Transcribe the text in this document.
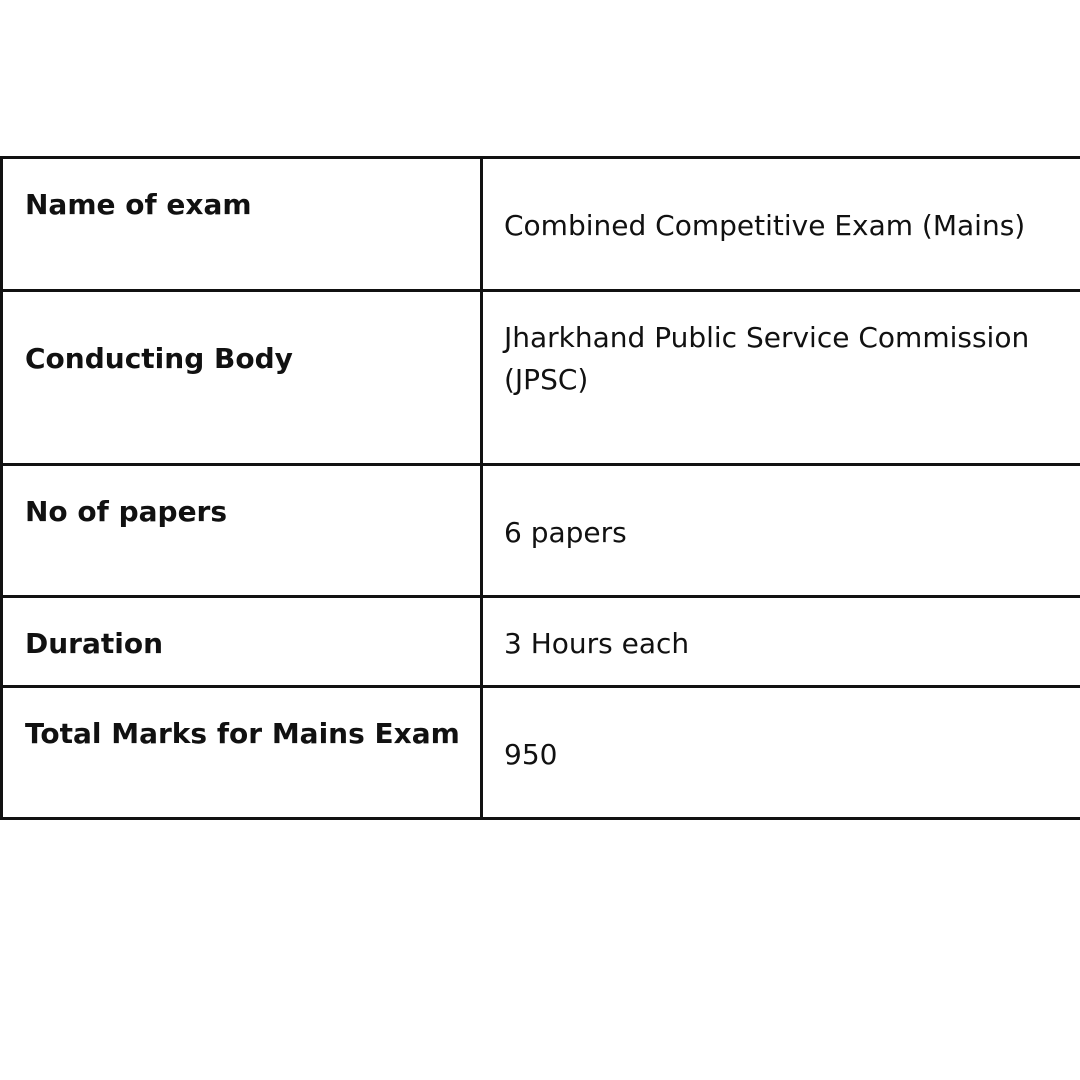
Name of exam	Combined Competitive Exam (Mains)
Conducting Body	Jharkhand Public Service Commission (JPSC)
No of papers	6 papers
Duration	3 Hours each
Total Marks for Mains Exam	950
